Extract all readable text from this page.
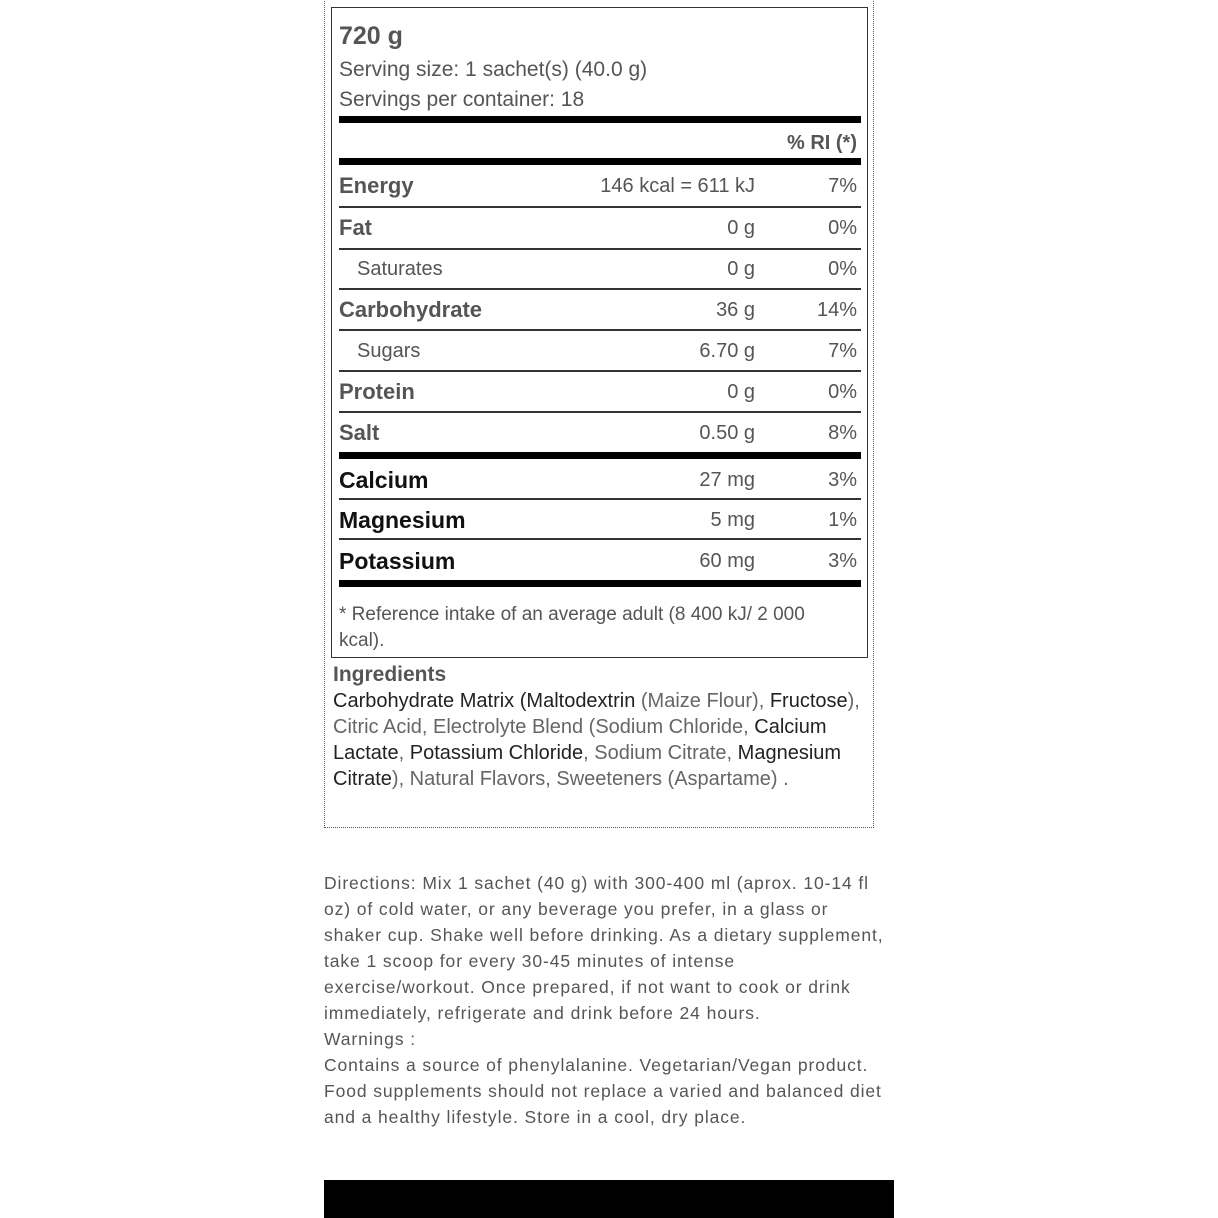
720 g
Serving size: 1 sachet(s) (40.0 g)
Servings per container: 18
% RI (*)
Energy	146 kcal = 611 kJ	7%
Fat	0 g	0%
Saturates	0 g	0%
Carbohydrate	36 g	14%
Sugars	6.70 g	7%
Protein	0 g	0%
Salt	0.50 g	8%
Calcium	27 mg	3%
Magnesium	5 mg	1%
Potassium	60 mg	3%
* Reference intake of an average adult (8 400 kJ/ 2 000 kcal).
Ingredients
Carbohydrate Matrix (Maltodextrin (Maize Flour), Fructose), Citric Acid, Electrolyte Blend (Sodium Chloride, Calcium Lactate, Potassium Chloride, Sodium Citrate, Magnesium Citrate), Natural Flavors, Sweeteners (Aspartame) .

Directions: Mix 1 sachet (40 g) with 300-400 ml (aprox. 10-14 fl oz) of cold water, or any beverage you prefer, in a glass or shaker cup. Shake well before drinking. As a dietary supplement, take 1 scoop for every 30-45 minutes of intense exercise/workout. Once prepared, if not want to cook or drink immediately, refrigerate and drink before 24 hours.

Warnings :

Contains a source of phenylalanine. Vegetarian/Vegan product. Food supplements should not replace a varied and balanced diet and a healthy lifestyle. Store in a cool, dry place.
